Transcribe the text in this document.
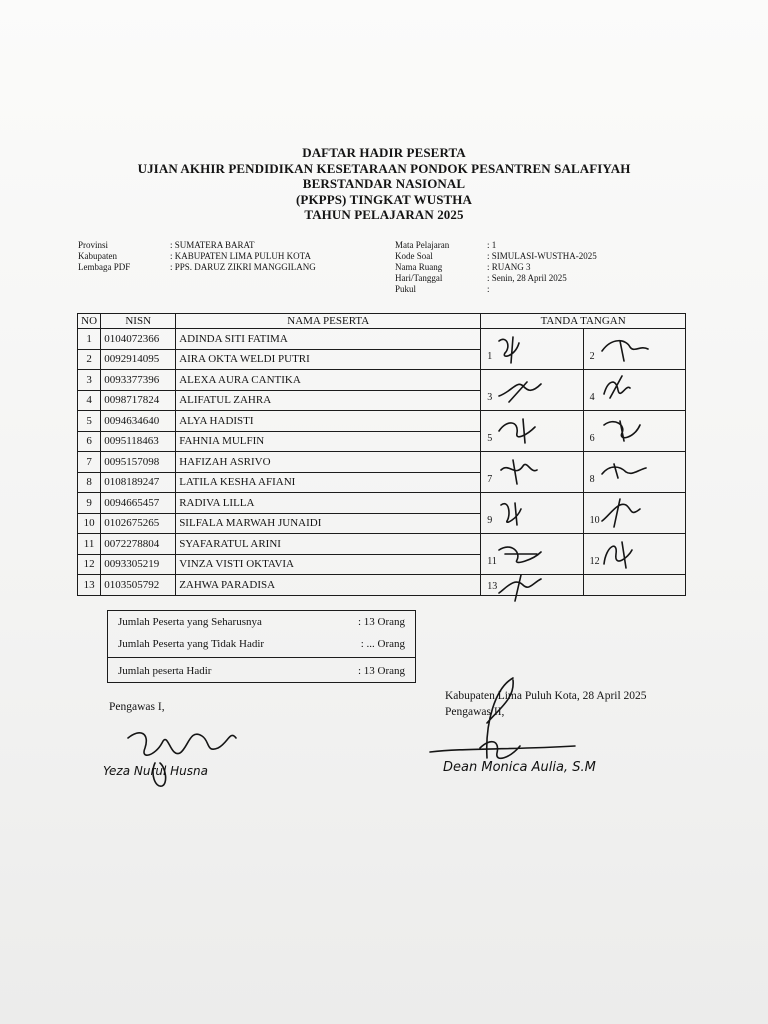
DAFTAR HADIR PESERTA
UJIAN AKHIR PENDIDIKAN KESETARAAN PONDOK PESANTREN SALAFIYAH
BERSTANDAR NASIONAL
(PKPPS) TINGKAT WUSTHA
TAHUN PELAJARAN 2025
Provinsi	: SUMATERA BARAT
Kabupaten	: KABUPATEN LIMA PULUH KOTA
Lembaga PDF	: PPS. DARUZ ZIKRI MANGGILANG
Mata Pelajaran	: 1
Kode Soal	: SIMULASI-WUSTHA-2025
Nama Ruang	: RUANG 3
Hari/Tanggal	: Senin, 28 April 2025
Pukul	:
NO	NISN	NAMA PESERTA	TANDA TANGAN	
1	0104072366	ADINDA SITI FATIMA	1	2

2	0092914095	AIRA OKTA WELDI PUTRI		
3	0093377396	ALEXA AURA CANTIKA	3	4

4	0098717824	ALIFATUL ZAHRA		
5	0094634640	ALYA HADISTI	5	6

6	0095118463	FAHNIA MULFIN		
7	0095157098	HAFIZAH ASRIVO	7	8

8	0108189247	LATILA KESHA AFIANI		
9	0094665457	RADIVA LILLA	9	10

10	0102675265	SILFALA MARWAH JUNAIDI		
11	0072278804	SYAFARATUL ARINI	11	12

12	0093305219	VINZA VISTI OKTAVIA		
13	0103505792	ZAHWA PARADISA	13	

Jumlah Peserta yang Seharusnya	: 13 Orang
Jumlah Peserta yang Tidak Hadir	: ... Orang
Jumlah peserta Hadir	: 13 Orang
Pengawas I,
Yeza Nurul Husna
Kabupaten Lima Puluh Kota, 28 April 2025
Pengawas II,
Dean Monica Aulia, S.M
